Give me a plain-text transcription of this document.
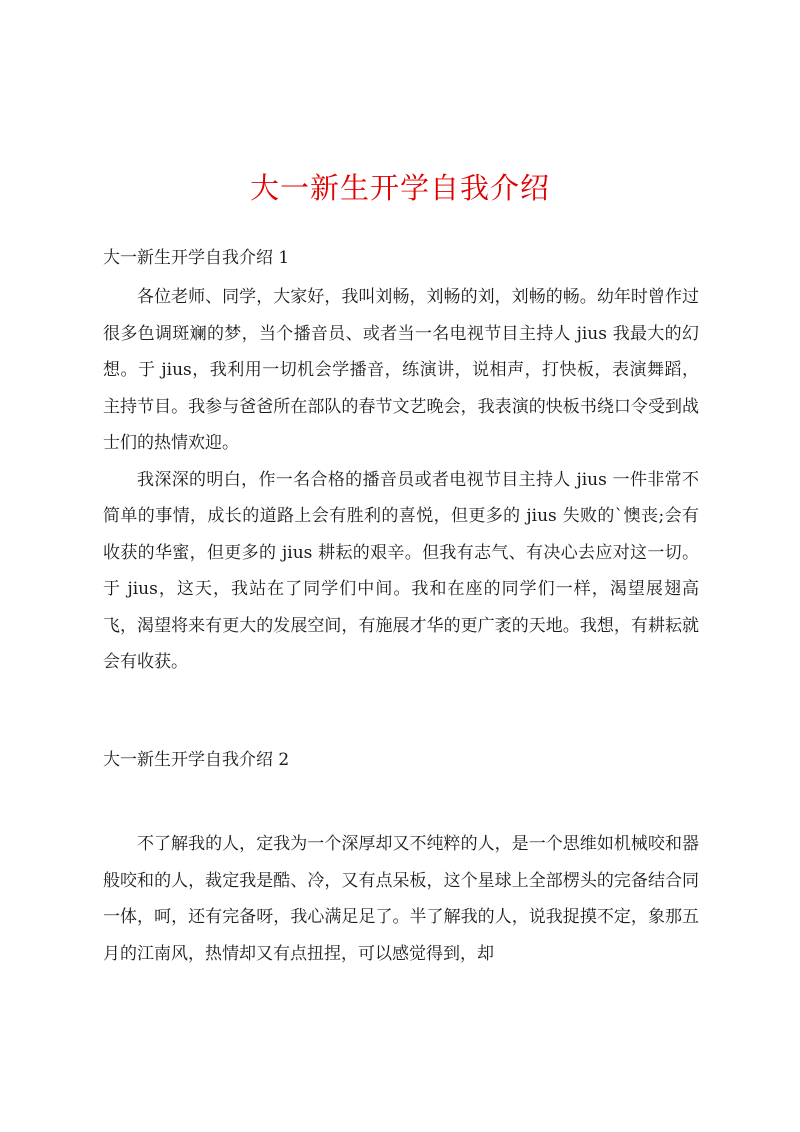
大一新生开学自我介绍
大一新生开学自我介绍 1

各位老师、同学，大家好，我叫刘畅，刘畅的刘，刘畅的畅。幼年时曾作过很多色调斑斓的梦，当个播音员、或者当一名电视节目主持人 jius 我最大的幻想。于 jius，我利用一切机会学播音，练演讲，说相声，打快板，表演舞蹈，主持节目。我参与爸爸所在部队的春节文艺晚会，我表演的快板书绕口令受到战士们的热情欢迎。

我深深的明白，作一名合格的播音员或者电视节目主持人 jius 一件非常不简单的事情，成长的道路上会有胜利的喜悦，但更多的 jius 失败的`懊丧;会有收获的华蜜，但更多的 jius 耕耘的艰辛。但我有志气、有决心去应对这一切。于 jius，这天，我站在了同学们中间。我和在座的同学们一样，渴望展翅高飞，渴望将来有更大的发展空间，有施展才华的更广袤的天地。我想，有耕耘就会有收获。

大一新生开学自我介绍 2

不了解我的人，定我为一个深厚却又不纯粹的人，是一个思维如机械咬和器般咬和的人，裁定我是酷、冷，又有点呆板，这个星球上全部楞头的完备结合同一体，呵，还有完备呀，我心满足足了。半了解我的人，说我捉摸不定，象那五月的江南风，热情却又有点扭捏，可以感觉得到，却
